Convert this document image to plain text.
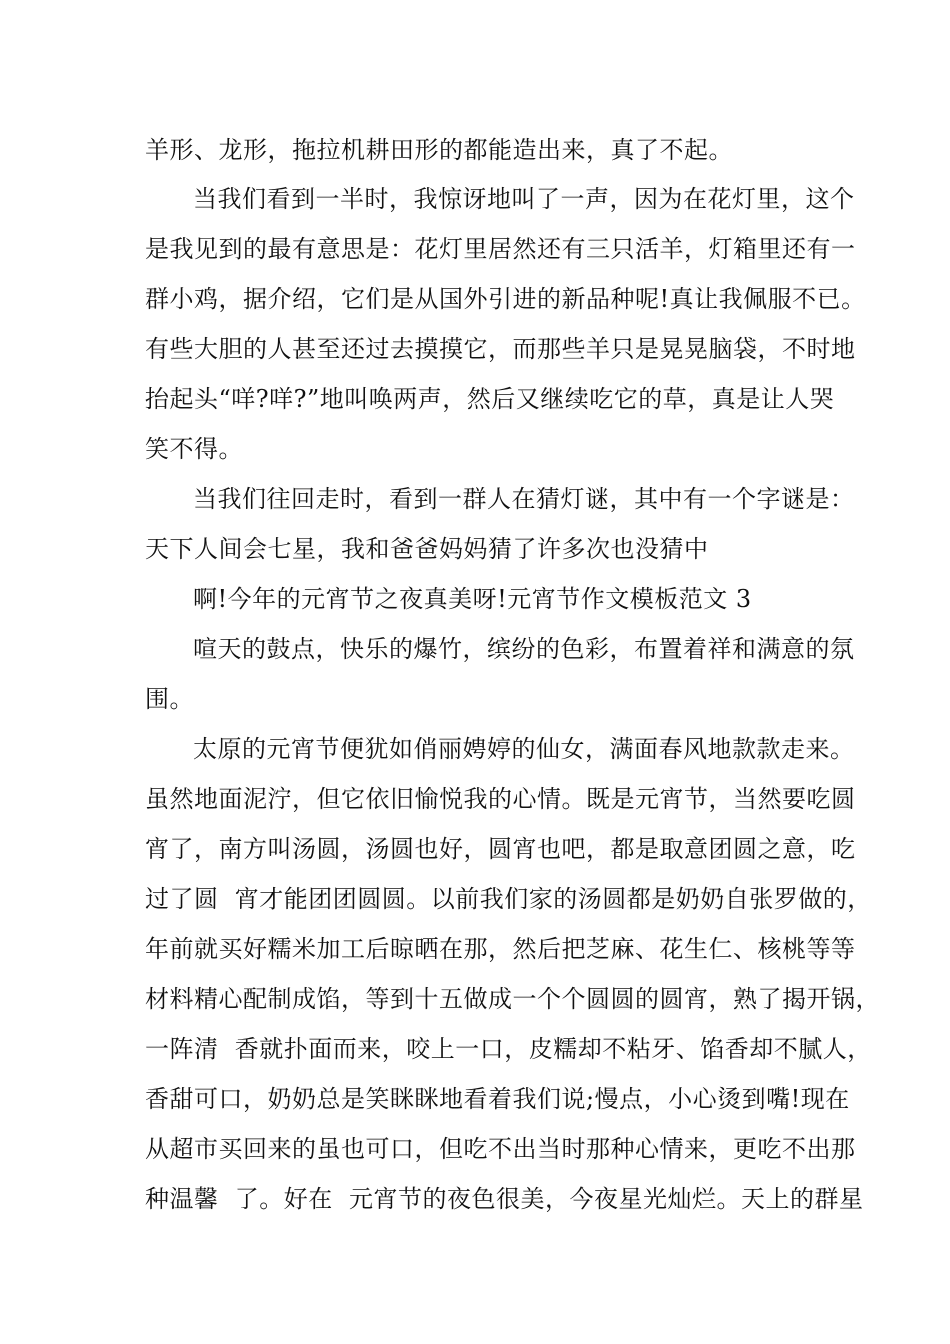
羊形、龙形，拖拉机耕田形的都能造出来，真了不起。
当我们看到一半时，我惊讶地叫了一声，因为在花灯里，这个
是我见到的最有意思是：花灯里居然还有三只活羊，灯箱里还有一
群小鸡，据介绍，它们是从国外引进的新品种呢!真让我佩服不已。
有些大胆的人甚至还过去摸摸它，而那些羊只是晃晃脑袋，不时地
抬起头“咩?咩?”地叫唤两声，然后又继续吃它的草，真是让人哭
笑不得。
当我们往回走时，看到一群人在猜灯谜，其中有一个字谜是：
天下人间会七星，我和爸爸妈妈猜了许多次也没猜中
啊!今年的元宵节之夜真美呀!元宵节作文模板范文 3
喧天的鼓点，快乐的爆竹，缤纷的色彩，布置着祥和满意的氛
围。
太原的元宵节便犹如俏丽娉婷的仙女，满面春风地款款走来。
虽然地面泥泞，但它依旧愉悦我的心情。既是元宵节，当然要吃圆
宵了，南方叫汤圆，汤圆也好，圆宵也吧，都是取意团圆之意，吃
过了圆  宵才能团团圆圆。以前我们家的汤圆都是奶奶自张罗做的，
年前就买好糯米加工后晾晒在那，然后把芝麻、花生仁、核桃等等
材料精心配制成馅，等到十五做成一个个圆圆的圆宵，熟了揭开锅，
一阵清  香就扑面而来，咬上一口，皮糯却不粘牙、馅香却不腻人，
香甜可口，奶奶总是笑眯眯地看着我们说;慢点，小心烫到嘴!现在
从超市买回来的虽也可口，但吃不出当时那种心情来，更吃不出那
种温馨  了。好在  元宵节的夜色很美，今夜星光灿烂。天上的群星
